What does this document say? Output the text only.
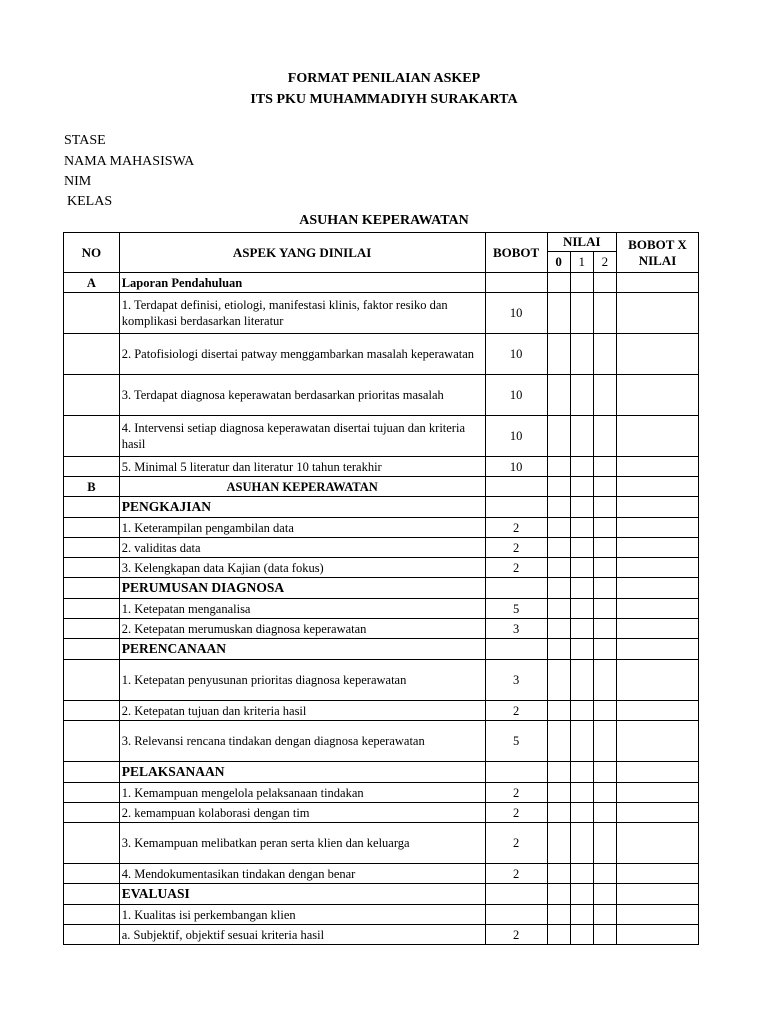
FORMAT PENILAIAN ASKEP
ITS PKU MUHAMMADIYH SURAKARTA
STASE
NAMA MAHASISWA
NIM
KELAS
ASUHAN KEPERAWATAN
NO	ASPEK YANG DINILAI	BOBOT	NILAI			BOBOT X NILAI
			0	1	2	
A	Laporan Pendahuluan					
	1. Terdapat definisi, etiologi, manifestasi klinis, faktor resiko dan komplikasi berdasarkan literatur	10				
	2. Patofisiologi disertai patway menggambarkan masalah keperawatan	10				
	3. Terdapat diagnosa keperawatan berdasarkan prioritas masalah	10				
	4. Intervensi setiap diagnosa keperawatan disertai tujuan dan kriteria hasil	10				
	5. Minimal 5 literatur dan literatur 10 tahun terakhir	10				
B	ASUHAN KEPERAWATAN					
	PENGKAJIAN					
	1. Keterampilan pengambilan data	2				
	2. validitas data	2				
	3. Kelengkapan data Kajian (data fokus)	2				
	PERUMUSAN DIAGNOSA					
	1. Ketepatan menganalisa	5				
	2. Ketepatan merumuskan diagnosa keperawatan	3				
	PERENCANAAN					
	1. Ketepatan penyusunan prioritas diagnosa keperawatan	3				
	2. Ketepatan tujuan dan kriteria hasil	2				
	3. Relevansi rencana tindakan dengan diagnosa keperawatan	5				
	PELAKSANAAN					
	1. Kemampuan mengelola pelaksanaan tindakan	2				
	2. kemampuan kolaborasi dengan tim	2				
	3. Kemampuan melibatkan peran serta klien dan keluarga	2				
	4. Mendokumentasikan tindakan dengan benar	2				
	EVALUASI					
	1. Kualitas isi perkembangan klien					
	a. Subjektif, objektif sesuai kriteria hasil	2				
